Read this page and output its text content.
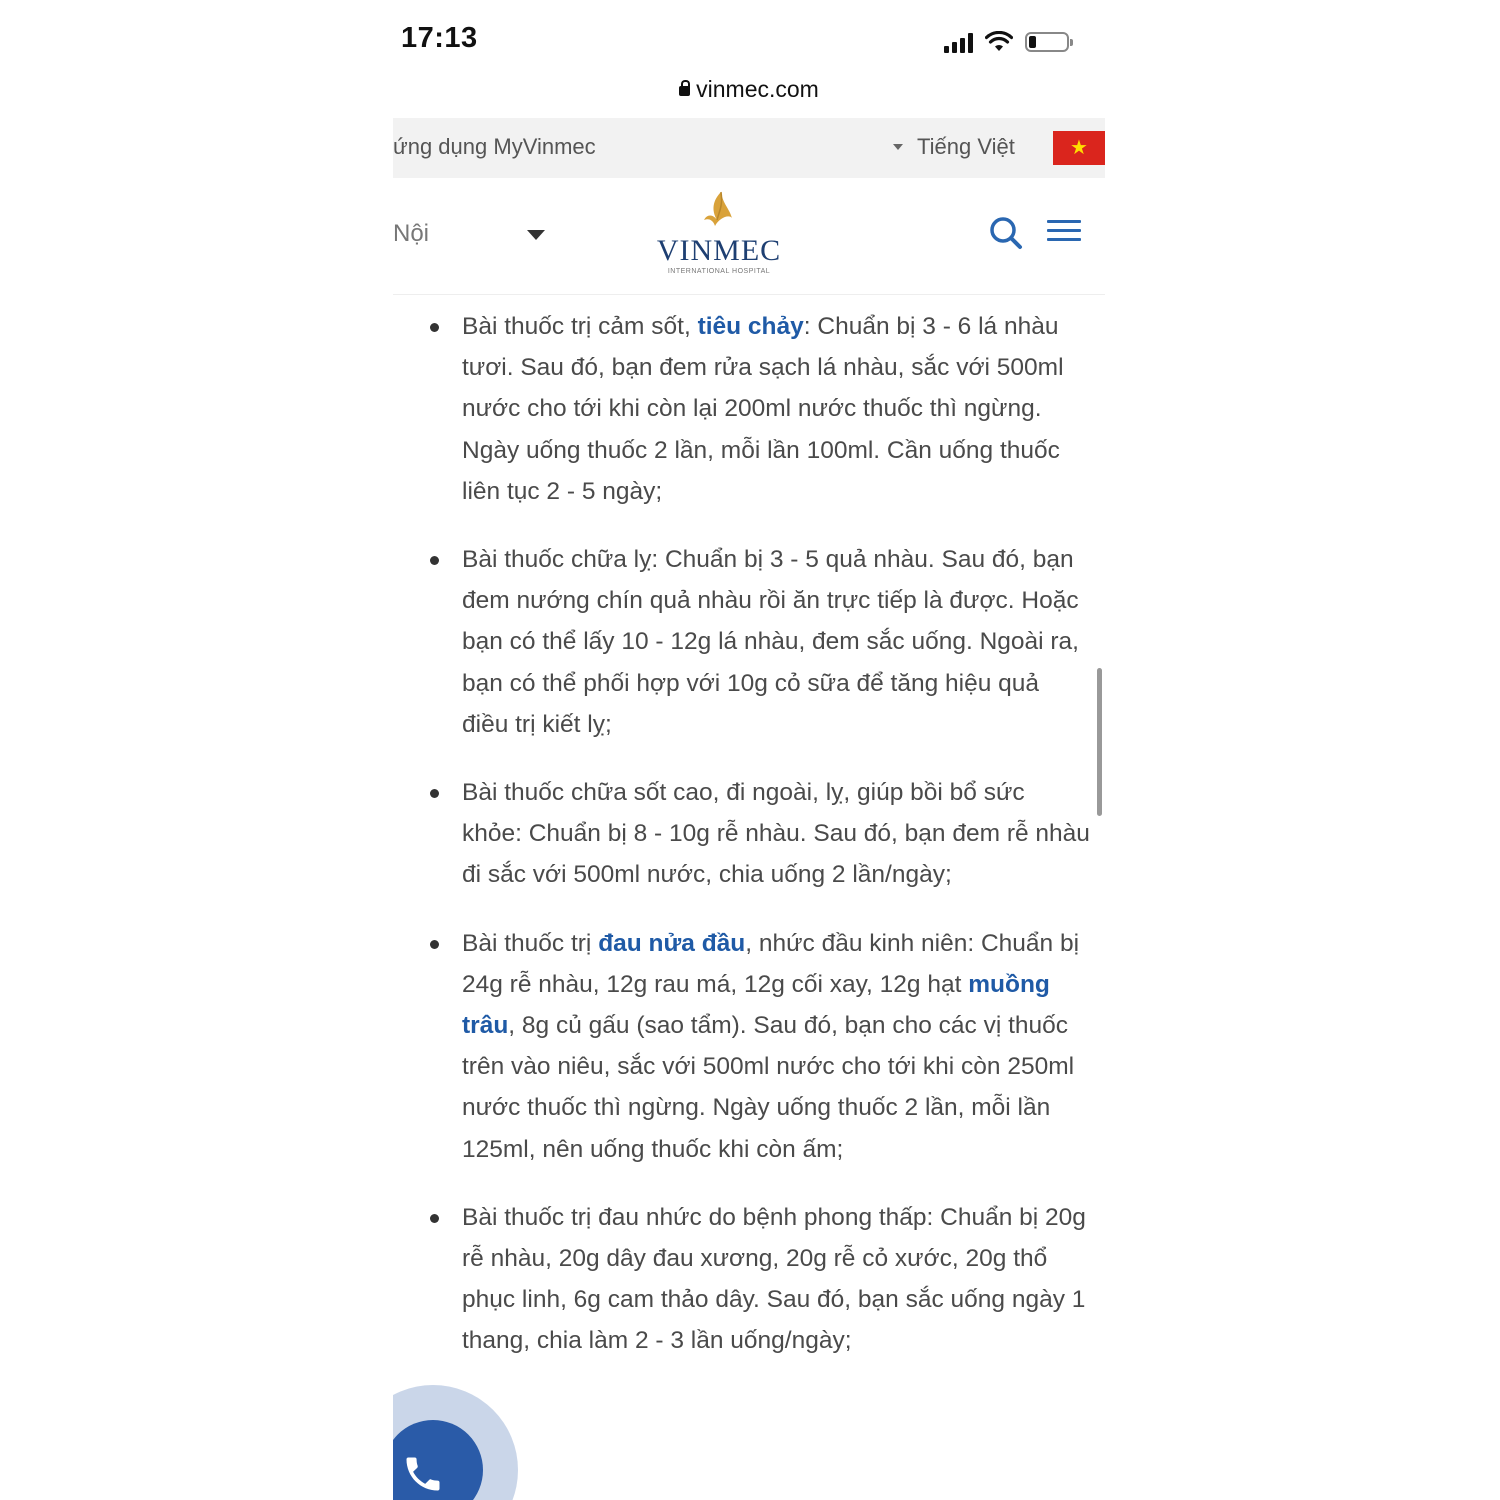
17:13
vinmec.com
ứng dụng MyVinmec	Tiếng Việt	★
Nội
VINMEC
INTERNATIONAL HOSPITAL
Bài thuốc trị cảm sốt, tiêu chảy: Chuẩn bị 3 - 6 lá nhàu tươi. Sau đó, bạn đem rửa sạch lá nhàu, sắc với 500ml nước cho tới khi còn lại 200ml nước thuốc thì ngừng. Ngày uống thuốc 2 lần, mỗi lần 100ml. Cần uống thuốc liên tục 2 - 5 ngày;
Bài thuốc chữa lỵ: Chuẩn bị 3 - 5 quả nhàu. Sau đó, bạn đem nướng chín quả nhàu rồi ăn trực tiếp là được. Hoặc bạn có thể lấy 10 - 12g lá nhàu, đem sắc uống. Ngoài ra, bạn có thể phối hợp với 10g cỏ sữa để tăng hiệu quả điều trị kiết lỵ;
Bài thuốc chữa sốt cao, đi ngoài, lỵ, giúp bồi bổ sức khỏe: Chuẩn bị 8 - 10g rễ nhàu. Sau đó, bạn đem rễ nhàu đi sắc với 500ml nước, chia uống 2 lần/ngày;
Bài thuốc trị đau nửa đầu, nhức đầu kinh niên: Chuẩn bị 24g rễ nhàu, 12g rau má, 12g cối xay, 12g hạt muồng trâu, 8g củ gấu (sao tẩm). Sau đó, bạn cho các vị thuốc trên vào niêu, sắc với 500ml nước cho tới khi còn 250ml nước thuốc thì ngừng. Ngày uống thuốc 2 lần, mỗi lần 125ml, nên uống thuốc khi còn ấm;
Bài thuốc trị đau nhức do bệnh phong thấp: Chuẩn bị 20g rễ nhàu, 20g dây đau xương, 20g rễ cỏ xước, 20g thổ phục linh, 6g cam thảo dây. Sau đó, bạn sắc uống ngày 1 thang, chia làm 2 - 3 lần uống/ngày;
